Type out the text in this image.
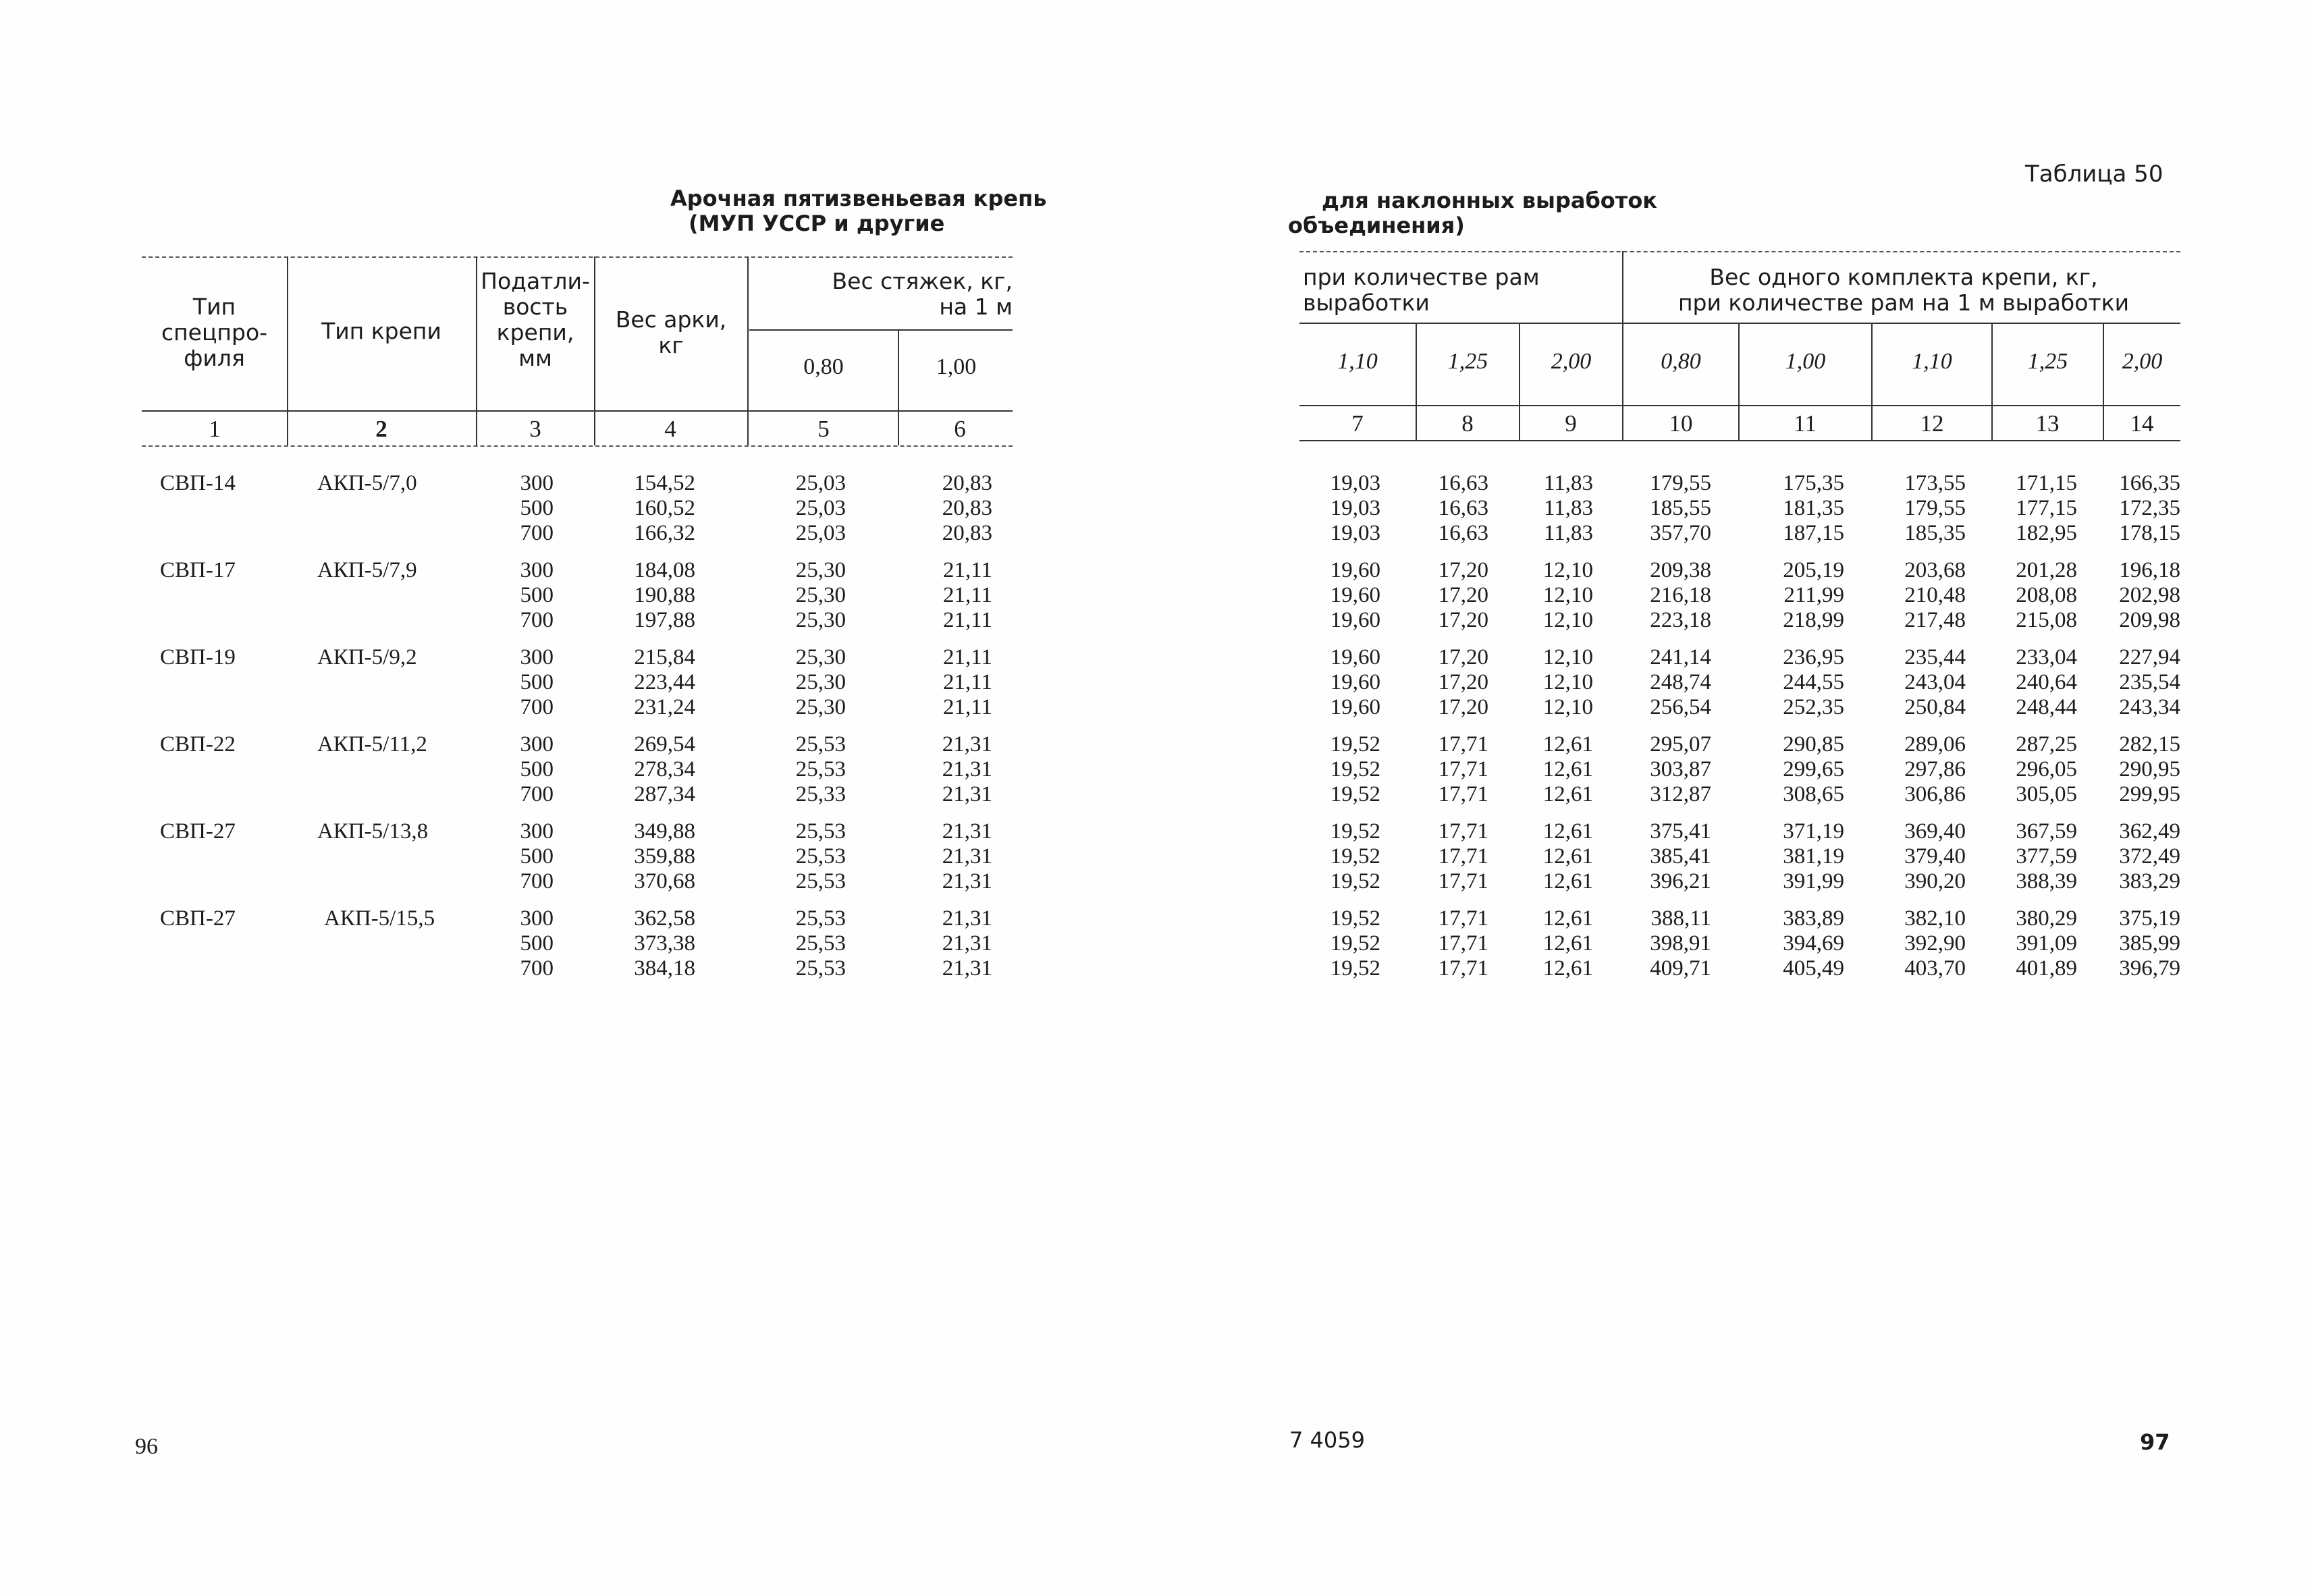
Арочная пятизвеньевая крепь
(МУП УССР и другие
Тип
спецпро-
филя
Тип крепи
Податли-
вость
крепи,
мм
Вес арки,
кг
Вес стяжек, кг,
на 1 м
0,80	1,00
1	2	3	4	5	6
СВП-14	АКП-5/7,0	300	154,52	25,03	20,83
500	160,52	25,03	20,83
700	166,32	25,03	20,83
СВП-17	АКП-5/7,9	300	184,08	25,30	21,11
500	190,88	25,30	21,11
700	197,88	25,30	21,11
СВП-19	АКП-5/9,2	300	215,84	25,30	21,11
500	223,44	25,30	21,11
700	231,24	25,30	21,11
СВП-22	АКП-5/11,2	300	269,54	25,53	21,31
500	278,34	25,53	21,31
700	287,34	25,33	21,31
СВП-27	АКП-5/13,8	300	349,88	25,53	21,31
500	359,88	25,53	21,31
700	370,68	25,53	21,31
СВП-27	АКП-5/15,5	300	362,58	25,53	21,31
500	373,38	25,53	21,31
700	384,18	25,53	21,31
96
Таблица 50
для наклонных выработок
объединения)
при количестве рам
выработки
Вес одного комплекта крепи, кг,
при количестве рам на 1 м выработки
1,10	1,25	2,00	0,80	1,00	1,10	1,25	2,00
7	8	9	10	11	12	13	14
19,03	16,63 11,83	179,55	175,35	173,55 171,15 166,35
19,03	16,63 11,83	185,55	181,35	179,55 177,15 172,35
19,03	16,63 11,83	357,70	187,15	185,35 182,95 178,15
19,60	17,20 12,10	209,38	205,19	203,68 201,28 196,18
19,60	17,20 12,10	216,18	211,99	210,48 208,08 202,98
19,60	17,20 12,10	223,18	218,99	217,48 215,08 209,98
19,60	17,20 12,10	241,14	236,95	235,44 233,04 227,94
19,60	17,20 12,10	248,74	244,55	243,04 240,64 235,54
19,60	17,20 12,10	256,54	252,35	250,84 248,44 243,34
19,52	17,71 12,61	295,07	290,85	289,06 287,25 282,15
19,52	17,71 12,61	303,87	299,65	297,86 296,05 290,95
19,52	17,71 12,61	312,87	308,65	306,86 305,05 299,95
19,52	17,71 12,61	375,41	371,19	369,40 367,59 362,49
19,52	17,71 12,61	385,41	381,19	379,40 377,59 372,49
19,52	17,71 12,61	396,21	391,99	390,20 388,39 383,29
19,52	17,71 12,61	388,11	383,89	382,10 380,29 375,19
19,52	17,71 12,61	398,91	394,69	392,90 391,09 385,99
19,52	17,71 12,61	409,71	405,49	403,70 401,89 396,79
7 4059	97
